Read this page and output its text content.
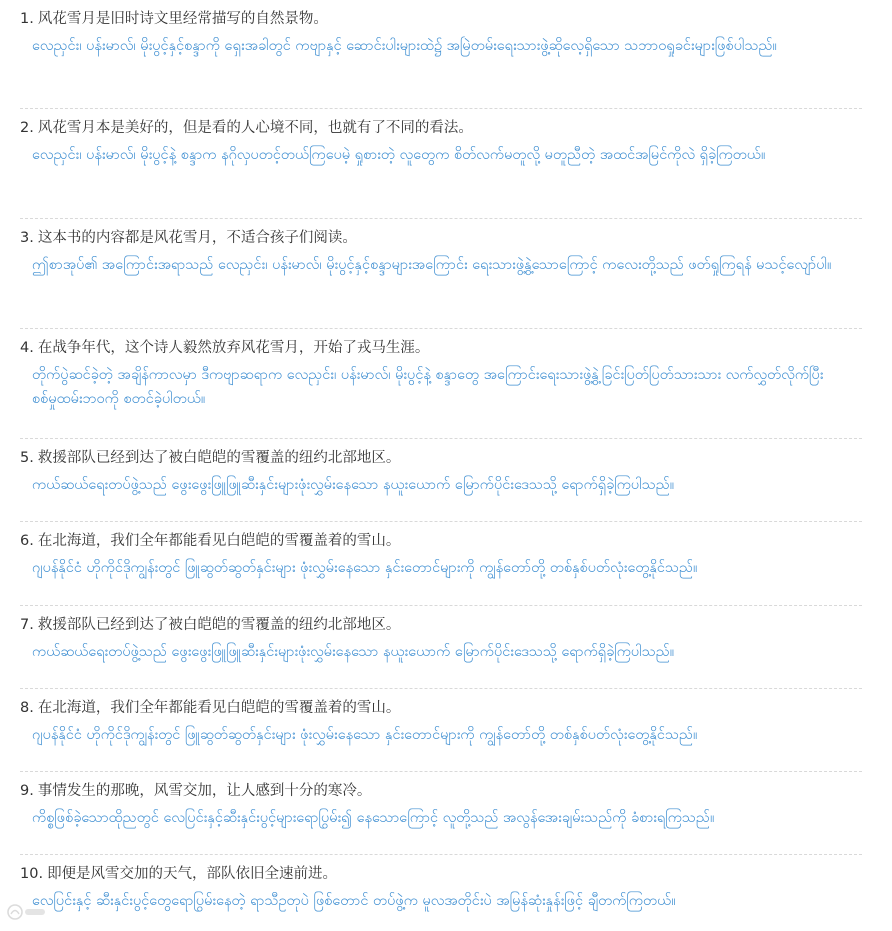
1. 风花雪月是旧时诗文里经常描写的自然景物。
လေညှင်း၊ ပန်းမာလ်၊ မိုးပွင့်နှင့်စန္ဒာကို ရှေးအခါတွင် ကဗျာနှင့် ဆောင်းပါးများထဲ၌ အမြဲတမ်းရေးသားဖွဲ့ဆိုလေ့ရှိသော သဘာဝရှုခင်းများဖြစ်ပါသည်။
2. 风花雪月本是美好的，但是看的人心境不同，也就有了不同的看法。
လေညှင်း၊ ပန်းမာလ်၊ မိုးပွင့်နဲ့ စန္ဒာက နဂိုလှပတင့်တယ်ကြပေမဲ့ ရှုစားတဲ့ လူတွေက စိတ်လက်မတူလို့ မတူညီတဲ့ အထင်အမြင်ကိုလဲ ရှိခဲ့ကြတယ်။
3. 这本书的内容都是风花雪月，不适合孩子们阅读。
ဤစာအုပ်၏ အကြောင်းအရာသည် လေညှင်း၊ ပန်းမာလ်၊ မိုးပွင့်နှင့်စန္ဒာများအကြောင်း ရေးသားဖွဲ့နွဲ့သောကြောင့် ကလေးတို့သည် ဖတ်ရှုကြရန် မသင့်လျော်ပါ။
4. 在战争年代，这个诗人毅然放弃风花雪月，开始了戎马生涯。
တိုက်ပွဲဆင်ခဲ့တဲ့ အချိန်ကာလမှာ ဒီကဗျာဆရာက လေညှင်း၊ ပန်းမာလ်၊ မိုးပွင့်နဲ့ စန္ဒာတွေ အကြောင်းရေးသားဖွဲ့နွဲ့ခြင်းပြတ်ပြတ်သားသား လက်လွှတ်လိုက်ပြီး စစ်မှုထမ်းဘဝကို စတင်ခဲ့ပါတယ်။
5. 救援部队已经到达了被白皑皑的雪覆盖的纽约北部地区。
ကယ်ဆယ်ရေးတပ်ဖွဲ့သည် ဖွေးဖွေးဖြူဖြူဆီးနှင်းများဖုံးလွှမ်းနေသော နယူးယောက် မြောက်ပိုင်းဒေသသို့ ရောက်ရှိခဲ့ကြပါသည်။
6. 在北海道，我们全年都能看见白皑皑的雪覆盖着的雪山。
ဂျပန်နိုင်ငံ ဟိုကိုင်ဒိုကျွန်းတွင် ဖြူဆွတ်ဆွတ်နှင်းများ ဖုံးလွှမ်းနေသော နှင်းတောင်များကို ကျွန်တော်တို့ တစ်နှစ်ပတ်လုံးတွေ့နိုင်သည်။
7. 救援部队已经到达了被白皑皑的雪覆盖的纽约北部地区。
ကယ်ဆယ်ရေးတပ်ဖွဲ့သည် ဖွေးဖွေးဖြူဖြူဆီးနှင်းများဖုံးလွှမ်းနေသော နယူးယောက် မြောက်ပိုင်းဒေသသို့ ရောက်ရှိခဲ့ကြပါသည်။
8. 在北海道，我们全年都能看见白皑皑的雪覆盖着的雪山。
ဂျပန်နိုင်ငံ ဟိုကိုင်ဒိုကျွန်းတွင် ဖြူဆွတ်ဆွတ်နှင်းများ ဖုံးလွှမ်းနေသော နှင်းတောင်များကို ကျွန်တော်တို့ တစ်နှစ်ပတ်လုံးတွေ့နိုင်သည်။
9. 事情发生的那晚，风雪交加，让人感到十分的寒冷。
ကိစ္စဖြစ်ခဲ့သောထိုညတွင် လေပြင်းနှင့်ဆီးနှင်းပွင့်များရောပြွမ်း၍ နေသောကြောင့် လူတို့သည် အလွန်အေးချမ်းသည်ကို ခံစားရကြသည်။
10. 即便是风雪交加的天气，部队依旧全速前进。
လေပြင်းနှင့် ဆီးနှင်းပွင့်တွေရောပြွမ်းနေတဲ့ ရာသီဥတုပဲ ဖြစ်တောင် တပ်ဖွဲ့က မူလအတိုင်းပဲ အမြန်ဆုံးနှုန်းဖြင့် ချီတက်ကြတယ်။
